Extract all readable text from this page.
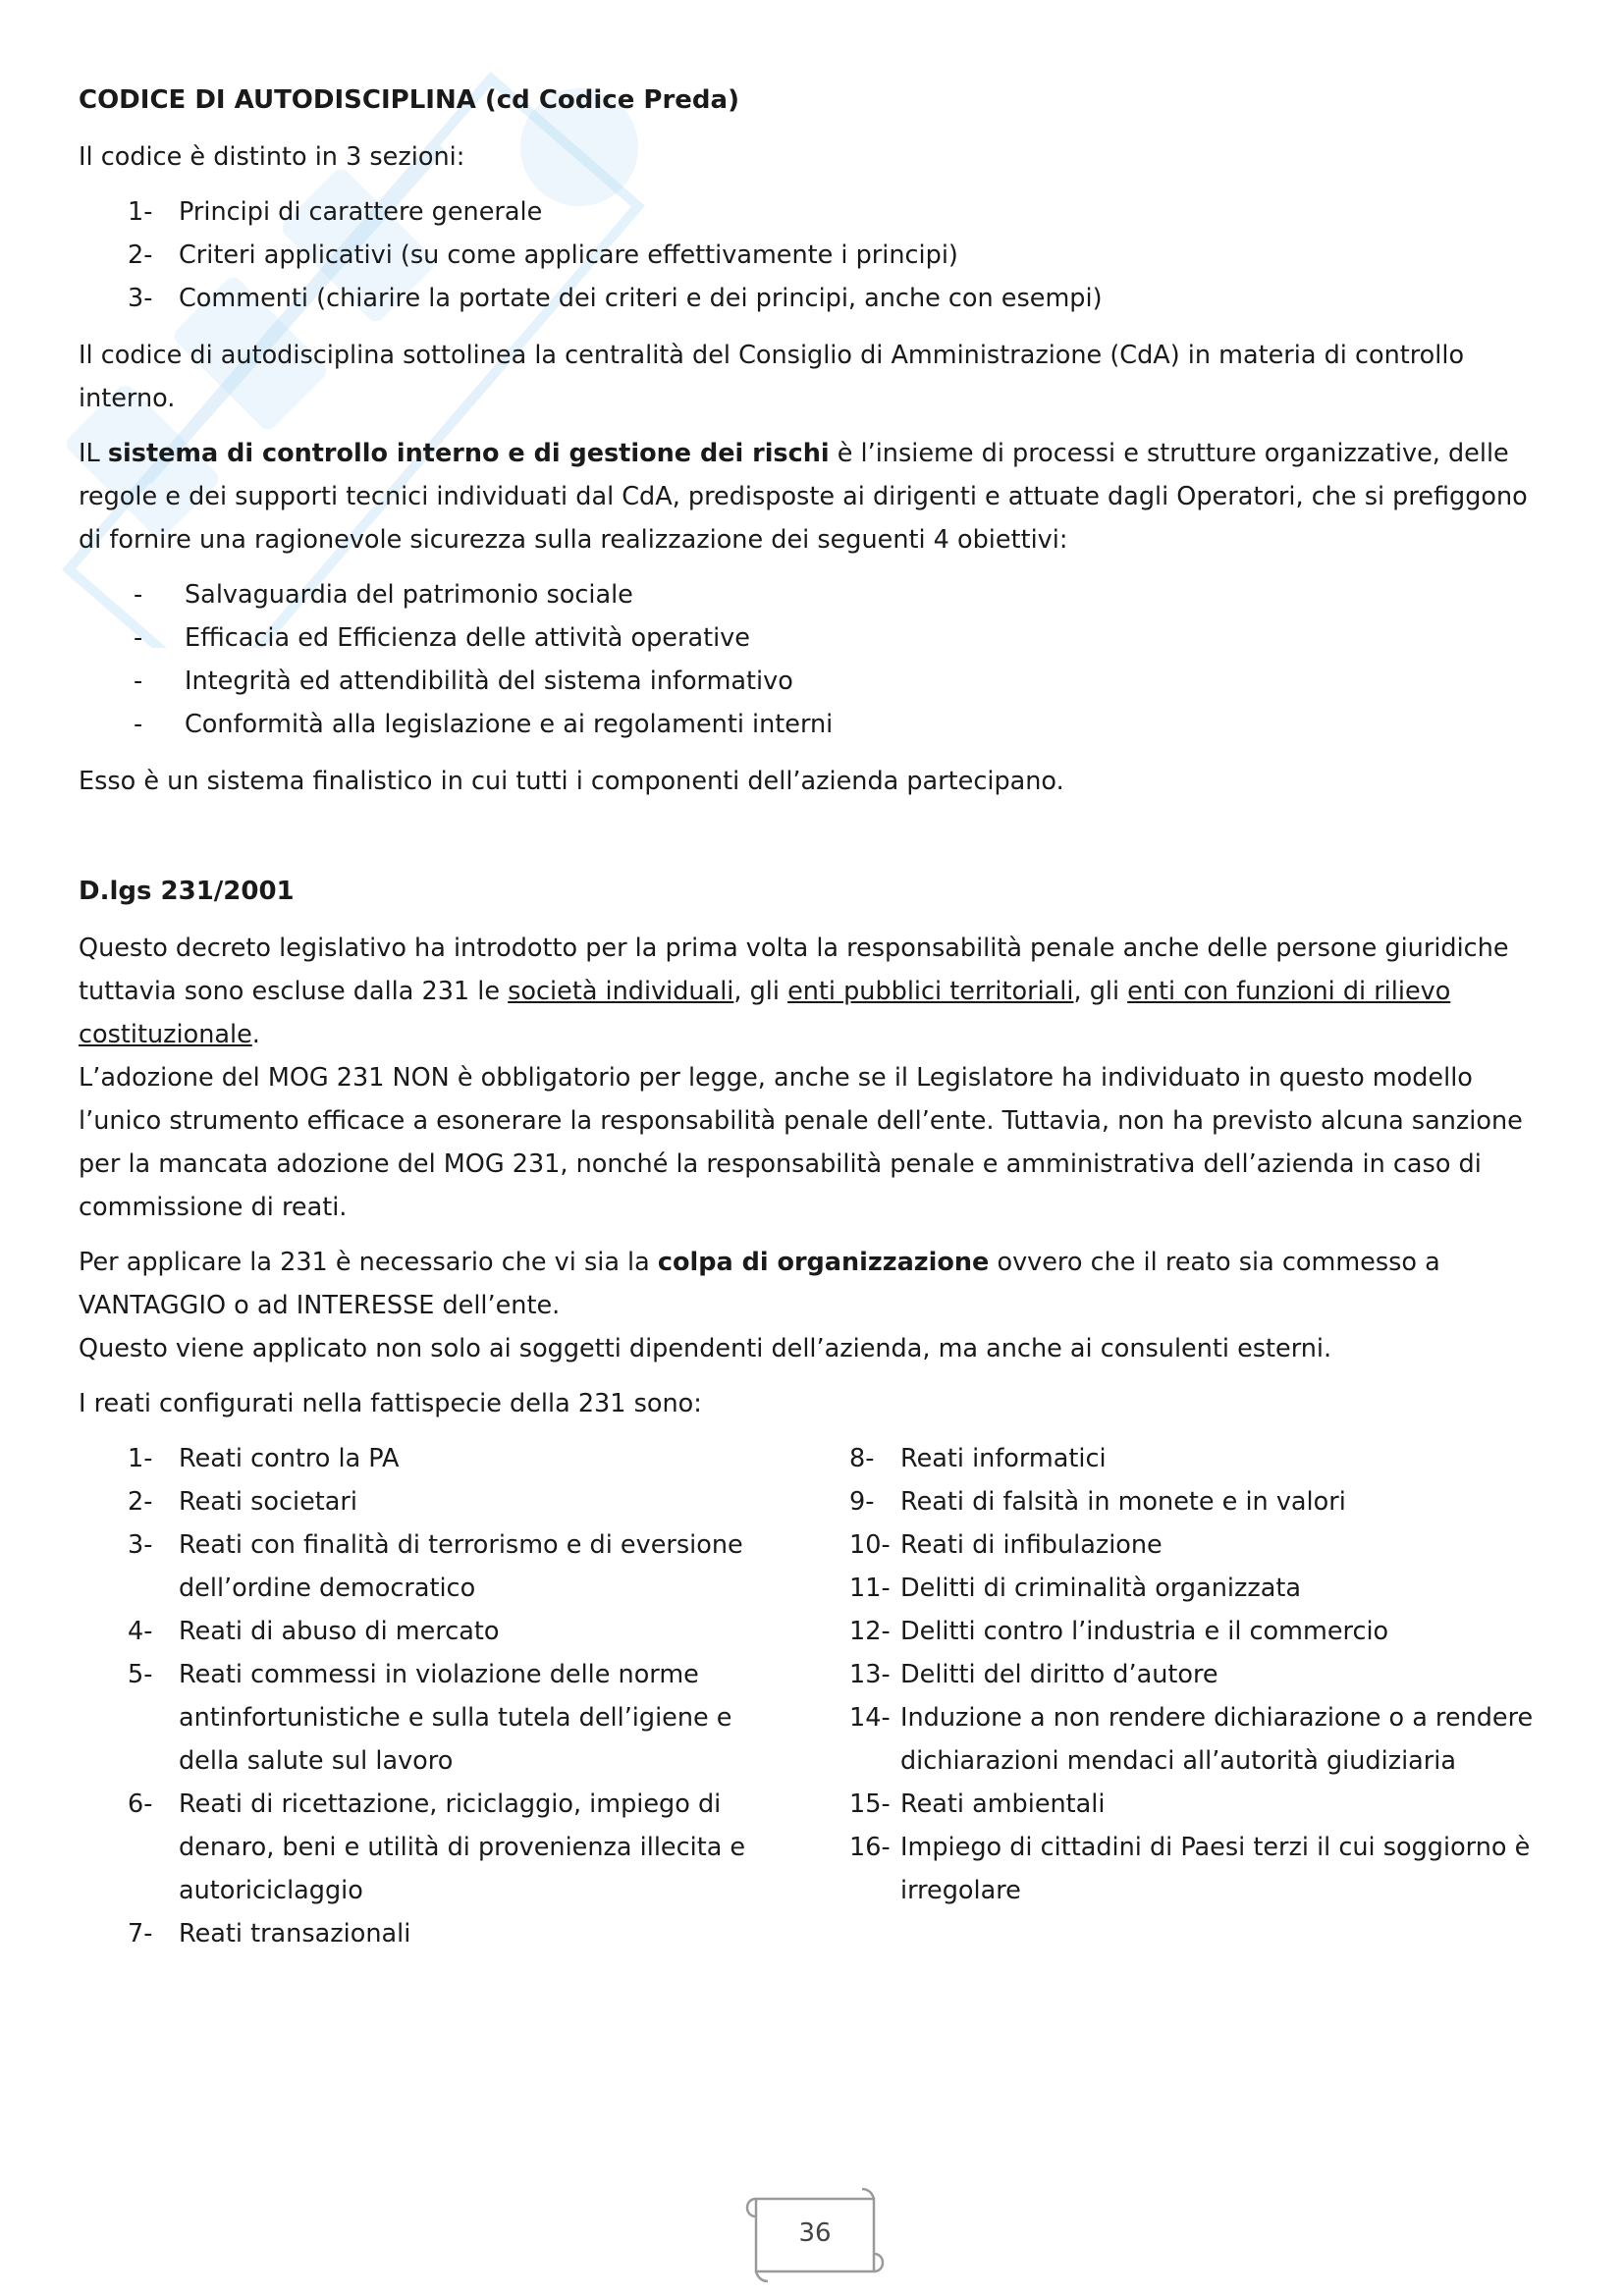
CODICE DI AUTODISCIPLINA (cd Codice Preda)

Il codice è distinto in 3 sezioni:

1- Principi di carattere generale
2- Criteri applicativi (su come applicare effettivamente i principi)
3- Commenti (chiarire la portate dei criteri e dei principi, anche con esempi)

Il codice di autodisciplina sottolinea la centralità del Consiglio di Amministrazione (CdA) in materia di controllo interno.

IL sistema di controllo interno e di gestione dei rischi è l’insieme di processi e strutture organizzative, delle regole e dei supporti tecnici individuati dal CdA, predisposte ai dirigenti e attuate dagli Operatori, che si prefiggono di fornire una ragionevole sicurezza sulla realizzazione dei seguenti 4 obiettivi:

- Salvaguardia del patrimonio sociale
- Efficacia ed Efficienza delle attività operative
- Integrità ed attendibilità del sistema informativo
- Conformità alla legislazione e ai regolamenti interni

Esso è un sistema finalistico in cui tutti i componenti dell’azienda partecipano.

D.lgs 231/2001

Questo decreto legislativo ha introdotto per la prima volta la responsabilità penale anche delle persone giuridiche
tuttavia sono escluse dalla 231 le società individuali, gli enti pubblici territoriali, gli enti con funzioni di rilievo costituzionale.

L’adozione del MOG 231 NON è obbligatorio per legge, anche se il Legislatore ha individuato in questo modello l’unico strumento efficace a esonerare la responsabilità penale dell’ente. Tuttavia, non ha previsto alcuna sanzione per la mancata adozione del MOG 231, nonché la responsabilità penale e amministrativa dell’azienda in caso di commissione di reati.

Per applicare la 231 è necessario che vi sia la colpa di organizzazione ovvero che il reato sia commesso a VANTAGGIO o ad INTERESSE dell’ente.
Questo viene applicato non solo ai soggetti dipendenti dell’azienda, ma anche ai consulenti esterni.

I reati configurati nella fattispecie della 231 sono:

1- Reati contro la PA
2- Reati societari
3- Reati con finalità di terrorismo e di eversione dell’ordine democratico
4- Reati di abuso di mercato
5- Reati commessi in violazione delle norme antinfortunistiche e sulla tutela dell’igiene e della salute sul lavoro
6- Reati di ricettazione, riciclaggio, impiego di denaro, beni e utilità di provenienza illecita e autoriciclaggio
7- Reati transazionali
8- Reati informatici
9- Reati di falsità in monete e in valori
10- Reati di infibulazione
11- Delitti di criminalità organizzata
12- Delitti contro l’industria e il commercio
13- Delitti del diritto d’autore
14- Induzione a non rendere dichiarazione o a rendere dichiarazioni mendaci all’autorità giudiziaria
15- Reati ambientali
16- Impiego di cittadini di Paesi terzi il cui soggiorno è irregolare
36
